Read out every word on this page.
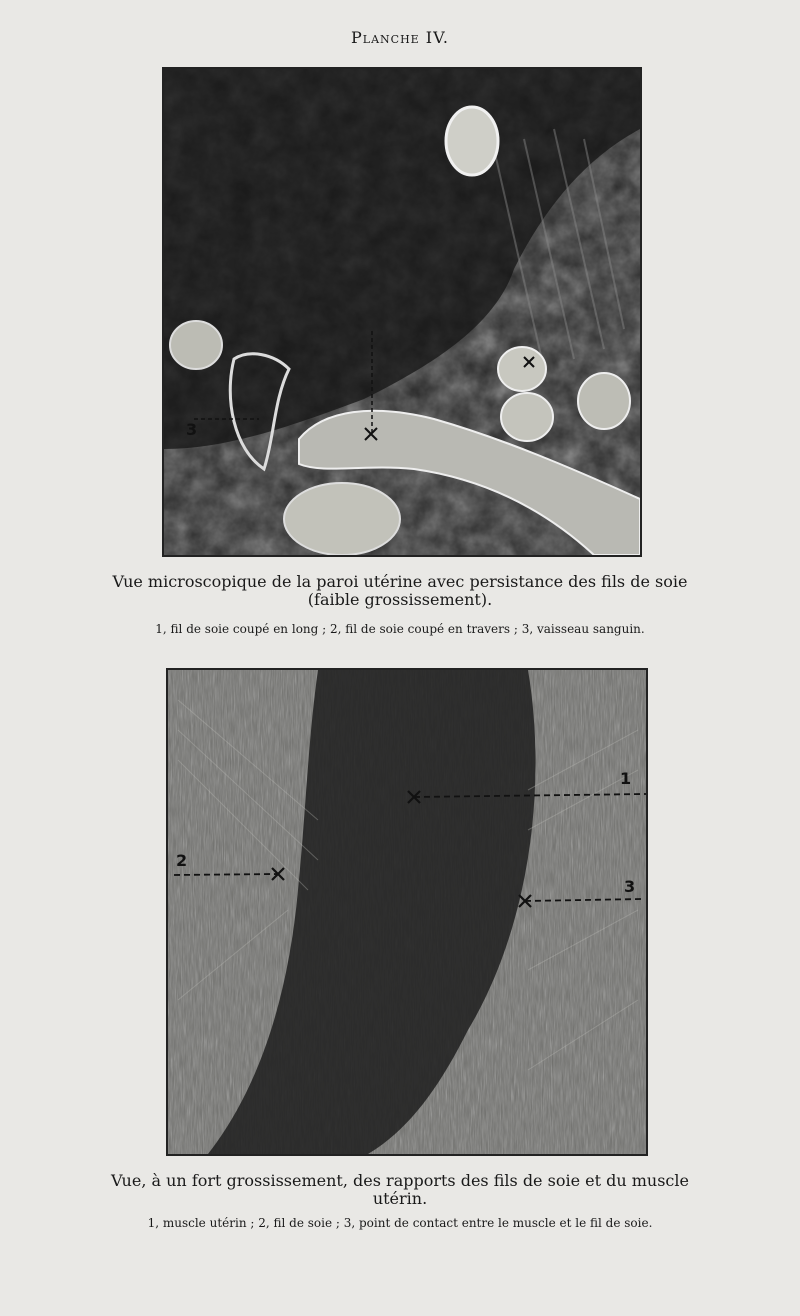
Planche IV.
3
Vue microscopique de la paroi utérine avec persistance des fils de soie (faible grossissement).
1, fil de soie coupé en long ; 2, fil de soie coupé en travers ; 3, vaisseau sanguin.
1
2
3
Vue, à un fort grossissement, des rapports des fils de soie et du muscle utérin.
1, muscle utérin ; 2, fil de soie ; 3, point de contact entre le muscle et le fil de soie.
